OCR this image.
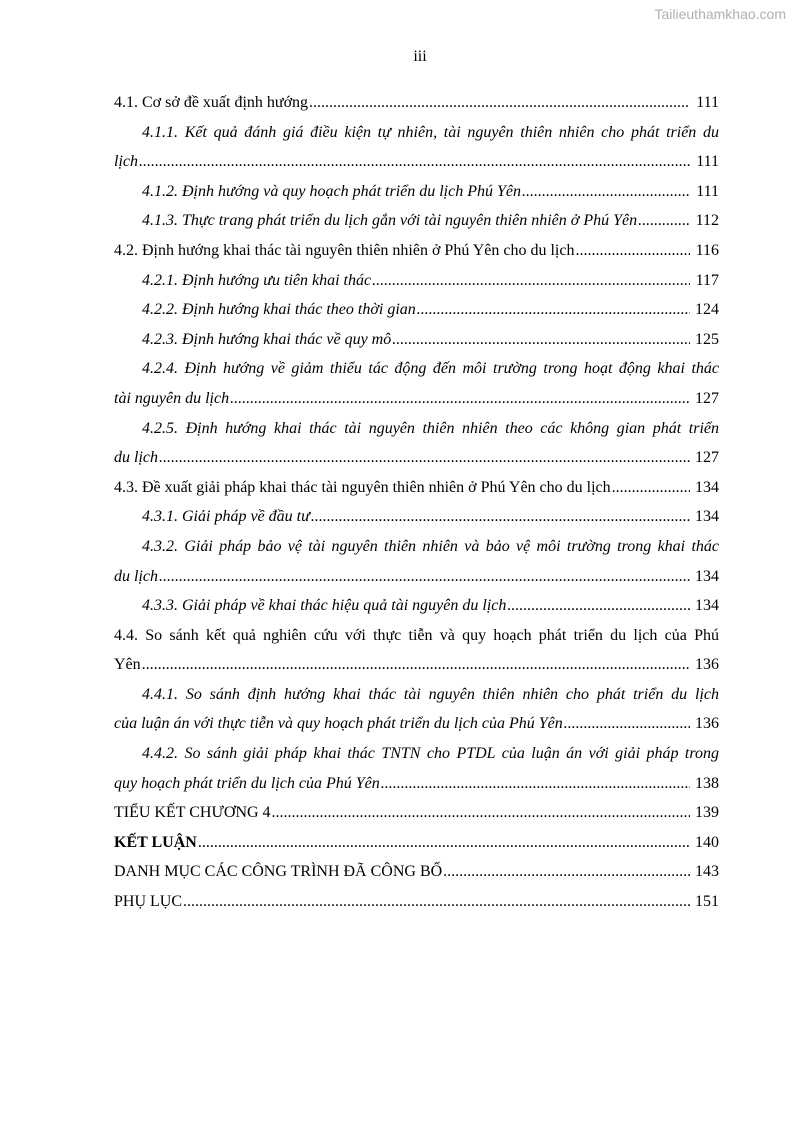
Tailieuthamkhao.com
iii
4.1. Cơ sở đề xuất định hướng .....	111
4.1.1. Kết quả đánh giá điều kiện tự nhiên, tài nguyên thiên nhiên cho phát triển du
lịch .....	111
4.1.2. Định hướng và quy hoạch phát triển du lịch Phú Yên .....	111
4.1.3. Thực trang phát triển du lịch gắn với tài nguyên thiên nhiên ở Phú Yên .....	112
4.2. Định hướng khai thác tài nguyên thiên nhiên ở Phú Yên cho du lịch .....	116
4.2.1. Định hướng ưu tiên khai thác .....	117
4.2.2. Định hướng khai thác theo thời gian .....	124
4.2.3. Định hướng khai thác về quy mô .....	125
4.2.4. Định hướng về giảm thiểu tác động đến môi trường trong hoạt động khai thác
tài nguyên du lịch .....	127
4.2.5. Định hướng khai thác tài nguyên thiên nhiên theo các không gian phát triển
du lịch .....	127
4.3. Đề xuất giải pháp khai thác tài nguyên thiên nhiên ở Phú Yên cho du lịch .....	134
4.3.1. Giải pháp về đầu tư .....	134
4.3.2. Giải pháp bảo vệ tài nguyên thiên nhiên và bảo vệ môi trường trong khai thác
du lịch .....	134
4.3.3. Giải pháp về khai thác hiệu quả tài nguyên du lịch .....	134
4.4. So sánh kết quả nghiên cứu với thực tiễn và quy hoạch phát triển du lịch của Phú
Yên .....	136
4.4.1. So sánh định hướng khai thác tài nguyên thiên nhiên cho phát triển du lịch
của luận án với thực tiễn và quy hoạch phát triển du lịch của Phú Yên .....	136
4.4.2. So sánh giải pháp khai thác TNTN cho PTDL của luận án với giải pháp trong
quy hoạch phát triển du lịch của Phú Yên .....	138
TIỂU KẾT CHƯƠNG 4 .....	139
KẾT LUẬN .....	140
DANH MỤC CÁC CÔNG TRÌNH ĐÃ CÔNG BỐ .....	143
PHỤ LỤC .....	151
